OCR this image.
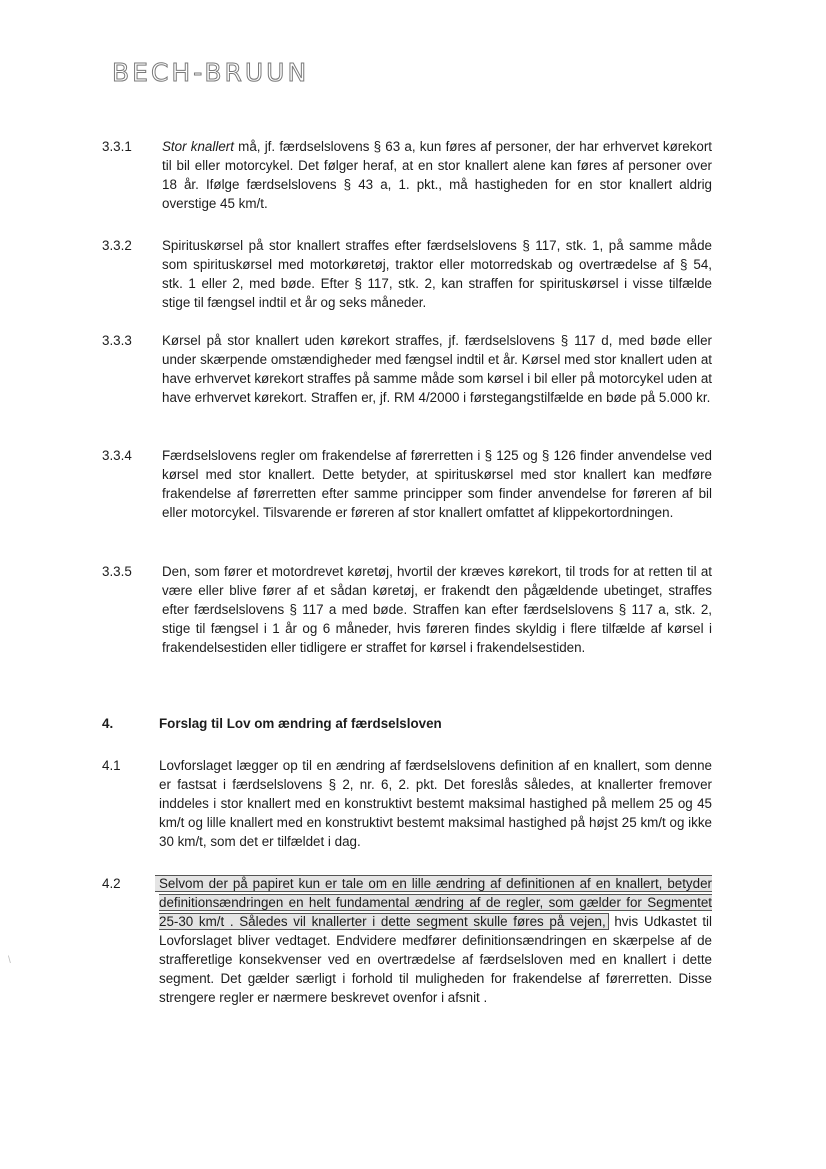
BECH-BRUUN
3.3.1	Stor knallert må, jf. færdselslovens § 63 a, kun føres af personer, der har erhvervet kørekort til bil eller motorcykel. Det følger heraf, at en stor knallert alene kan føres af personer over 18 år. Ifølge færdselslovens § 43 a, 1. pkt., må hastigheden for en stor knallert aldrig overstige 45 km/t.
3.3.2	Spirituskørsel på stor knallert straffes efter færdselslovens § 117, stk. 1, på samme måde som spirituskørsel med motorkøretøj, traktor eller motorredskab og overtrædelse af § 54, stk. 1 eller 2, med bøde. Efter § 117, stk. 2, kan straffen for spirituskørsel i visse tilfælde stige til fængsel indtil et år og seks måneder.
3.3.3	Kørsel på stor knallert uden kørekort straffes, jf. færdselslovens § 117 d, med bøde eller under skærpende omstændigheder med fængsel indtil et år. Kørsel med stor knallert uden at have erhvervet kørekort straffes på samme måde som kørsel i bil eller på motorcykel uden at have erhvervet kørekort. Straffen er, jf. RM 4/2000 i førstegangstilfælde en bøde på 5.000 kr.
3.3.4	Færdselslovens regler om frakendelse af førerretten i § 125 og § 126 finder anvendelse ved kørsel med stor knallert. Dette betyder, at spirituskørsel med stor knallert kan medføre frakendelse af førerretten efter samme principper som finder anvendelse for føreren af bil eller motorcykel. Tilsvarende er føreren af stor knallert omfattet af klippekortordningen.
3.3.5	Den, som fører et motordrevet køretøj, hvortil der kræves kørekort, til trods for at retten til at være eller blive fører af et sådan køretøj, er frakendt den pågældende ubetinget, straffes efter færdselslovens § 117 a med bøde. Straffen kan efter færdselslovens § 117 a, stk. 2, stige til fængsel i 1 år og 6 måneder, hvis føreren findes skyldig i flere tilfælde af kørsel i frakendelsestiden eller tidligere er straffet for kørsel i frakendelsestiden.
4.	Forslag til Lov om ændring af færdselsloven
4.1	Lovforslaget lægger op til en ændring af færdselslovens definition af en knallert, som denne er fastsat i færdselslovens § 2, nr. 6, 2. pkt. Det foreslås således, at knallerter fremover inddeles i stor knallert med en konstruktivt bestemt maksimal hastighed på mellem 25 og 45 km/t og lille knallert med en konstruktivt bestemt maksimal hastighed på højst 25 km/t og ikke 30 km/t, som det er tilfældet i dag.
4.2	Selvom der på papiret kun er tale om en lille ændring af definitionen af en knallert, betyder definitionsændringen en helt fundamental ændring af de regler, som gælder for Segmentet 25-30 km/t . Således vil knallerter i dette segment skulle føres på vejen, hvis Udkastet til Lovforslaget bliver vedtaget. Endvidere medfører definitionsændringen en skærpelse af de strafferetlige konsekvenser ved en overtrædelse af færdselsloven med en knallert i dette segment. Det gælder særligt i forhold til muligheden for frakendelse af førerretten. Disse strengere regler er nærmere beskrevet ovenfor i afsnit .
\
